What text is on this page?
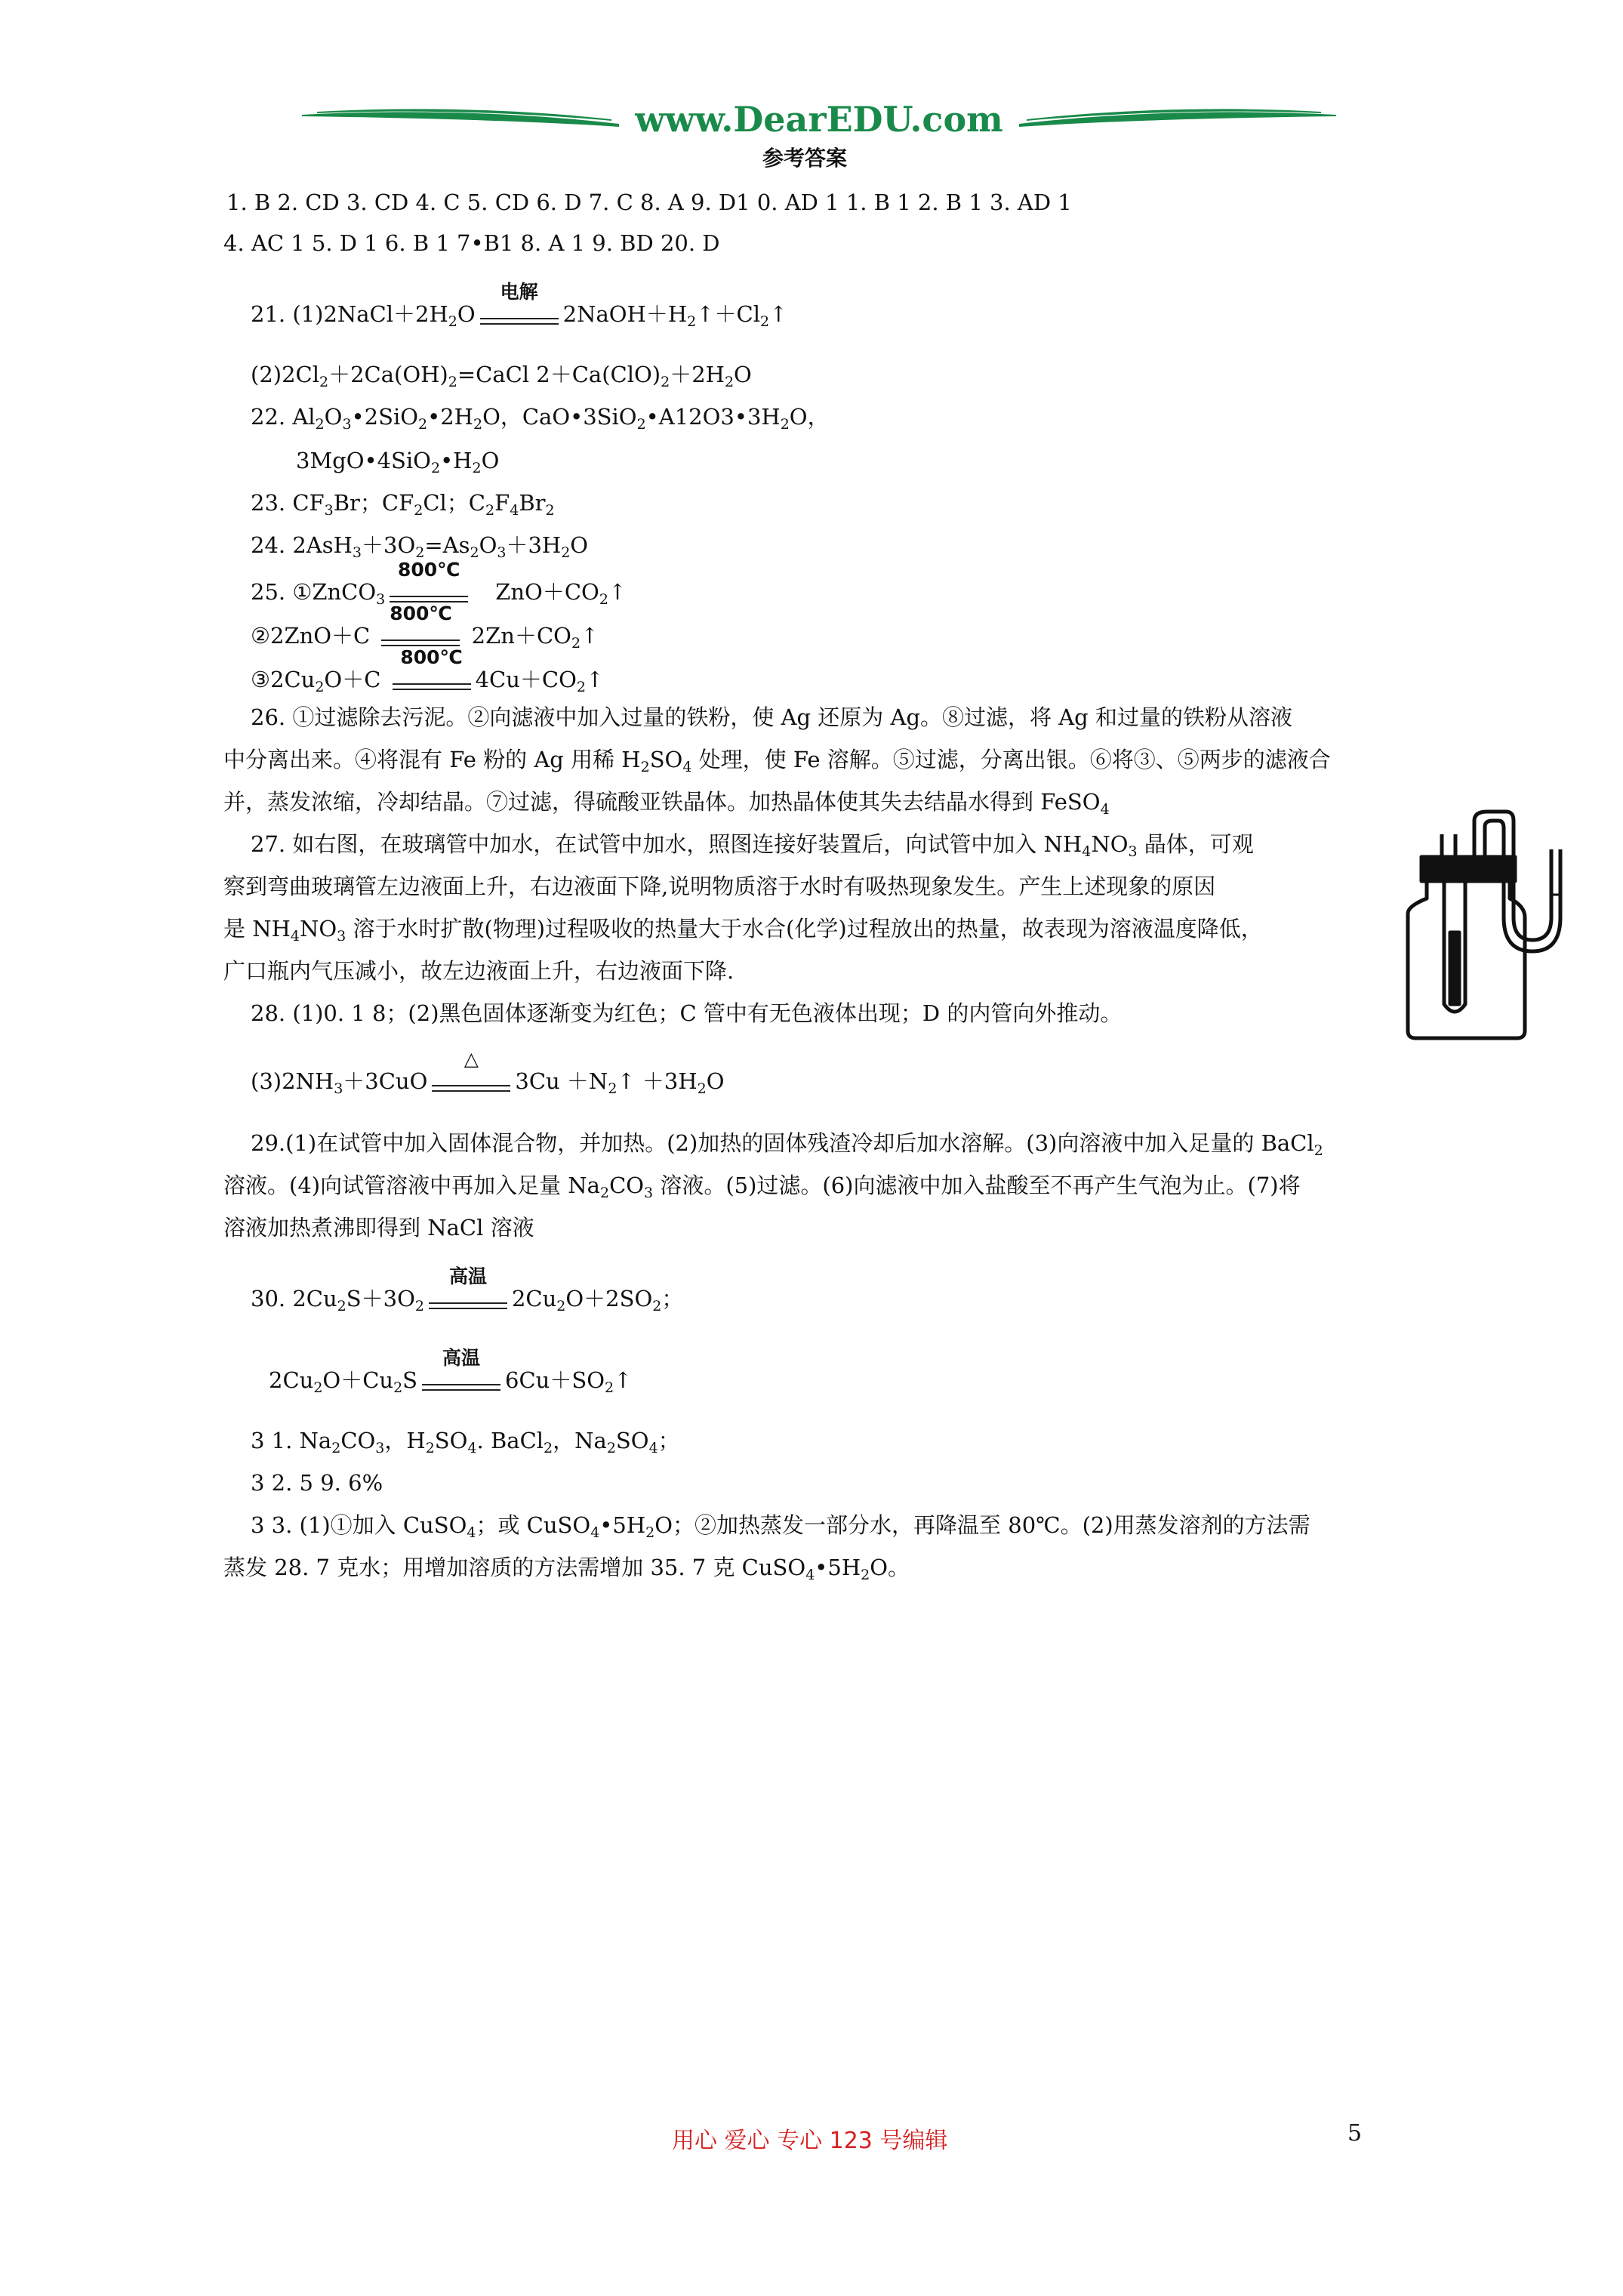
www.DearEDU.com
参考答案
1. B 2. CD 3. CD 4. C 5. CD 6. D 7. C 8. A 9. D1 0. AD 1 1. B 1 2. B 1 3. AD 1
4. AC 1 5. D 1 6. B 1 7•B1 8. A 1 9. BD 20. D
21. $(1)2NaCl+2H_2O$
电解
$2NaOH+H_2↑+Cl_2↑$
$(2)2Cl_2+2Ca(OH)_2=CaCl$ $2+Ca(ClO)_2+2H_2O$
22. $Al_2O_3•2SiO_2•2H_2O$，$CaO•3SiO_2•A12O3•3H_2O$，
$3MgO•4SiO_2•H_2O$
23. $CF_3Br$；$CF_2Cl$；$C_2F_4Br_2$
24. $2AsH_3+3O_2=As_2O_3+3H_2O$
25. ①ZnCO$_3$
800℃
$ZnO+CO_2↑$
②2ZnO＋C
800℃
$2Zn+CO_2↑$
$③2Cu_2O+C$
800℃
$4Cu+CO_2↑$
26. ①过滤除去污泥。②向滤液中加入过量的铁粉，使 Ag 还原为 Ag。⑧过滤，将 Ag 和过量的铁粉从溶液
中分离出来。④将混有 Fe 粉的 Ag 用稀 $H_2SO_4$ 处理，使 Fe 溶解。⑤过滤，分离出银。⑥将③、⑤两步的滤液合
并，蒸发浓缩，冷却结晶。⑦过滤，得硫酸亚铁晶体。加热晶体使其失去结晶水得到 FeSO$_4$
27. 如右图，在玻璃管中加水，在试管中加水，照图连接好装置后，向试管中加入 $NH_4NO_3$ 晶体，可观
察到弯曲玻璃管左边液面上升，右边液面下降,说明物质溶于水时有吸热现象发生。产生上述现象的原因
是 $NH_4NO_3$ 溶于水时扩散(物理)过程吸收的热量大于水合(化学)过程放出的热量，故表现为溶液温度降低，
广口瓶内气压减小，故左边液面上升，右边液面下降.
28. (1)0. 1 8；(2)黑色固体逐渐变为红色；C 管中有无色液体出现；D 的内管向外推动。
$(3)2NH_3+3CuO$
△
$3Cu +N_2↑ +3H_2O$
29.(1)在试管中加入固体混合物，并加热。(2)加热的固体残渣冷却后加水溶解。(3)向溶液中加入足量的 BaCl$_2$
溶液。(4)向试管溶液中再加入足量 $Na_2CO_3$ 溶液。(5)过滤。(6)向滤液中加入盐酸至不再产生气泡为止。(7)将
溶液加热煮沸即得到 NaCl 溶液
30. $2Cu_2S+3O_2$
高温
$2Cu_2O+2SO_2$；
$2Cu_2O+Cu_2S$
高温
$6Cu+SO_2↑$
3 1. $Na_2CO_3$，$H_2SO_4$. BaCl$_2$，$Na_2SO_4$；
3 2. 5 9. 6%
3 3. (1)①加入 CuSO$_4$；或 $CuSO_4•5H_2O$；②加热蒸发一部分水，再降温至 80℃。(2)用蒸发溶剂的方法需
蒸发 28. 7 克水；用增加溶质的方法需增加 35. 7 克 $CuSO_4•5H_2O$。
用心 爱心 专心 123 号编辑	5
